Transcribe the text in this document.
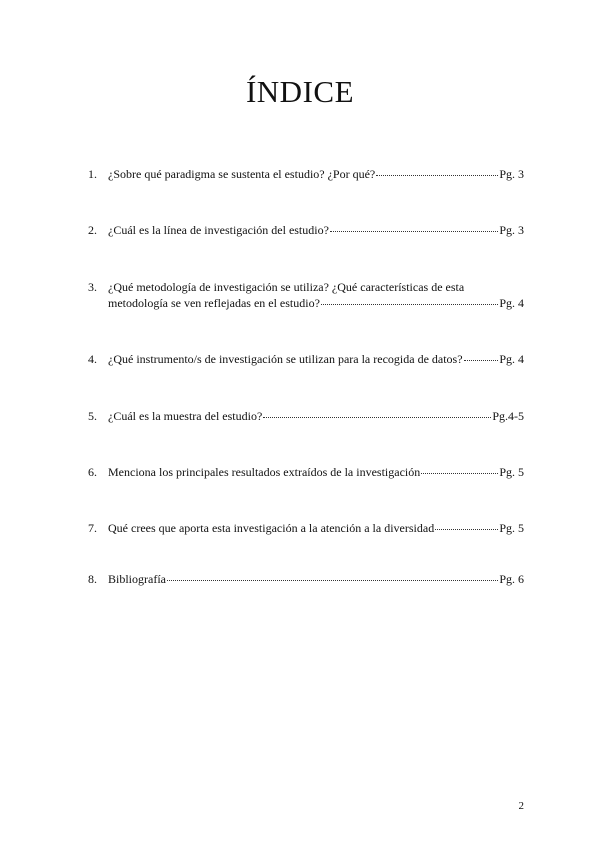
ÍNDICE
1. ¿Sobre qué paradigma se sustenta el estudio? ¿Por qué?	Pg. 3
2. ¿Cuál es la línea de investigación del estudio?	Pg. 3
3. ¿Qué metodología de investigación se utiliza? ¿Qué características de esta
metodología se ven reflejadas en el estudio?	Pg. 4
4. ¿Qué instrumento/s de investigación se utilizan para la recogida de datos?	Pg. 4
5. ¿Cuál es la muestra del estudio?	Pg.4-5
6. Menciona los principales resultados extraídos de la investigación	Pg. 5
7. Qué crees que aporta esta investigación a la atención a la diversidad	Pg. 5
8. Bibliografía	Pg. 6
2
